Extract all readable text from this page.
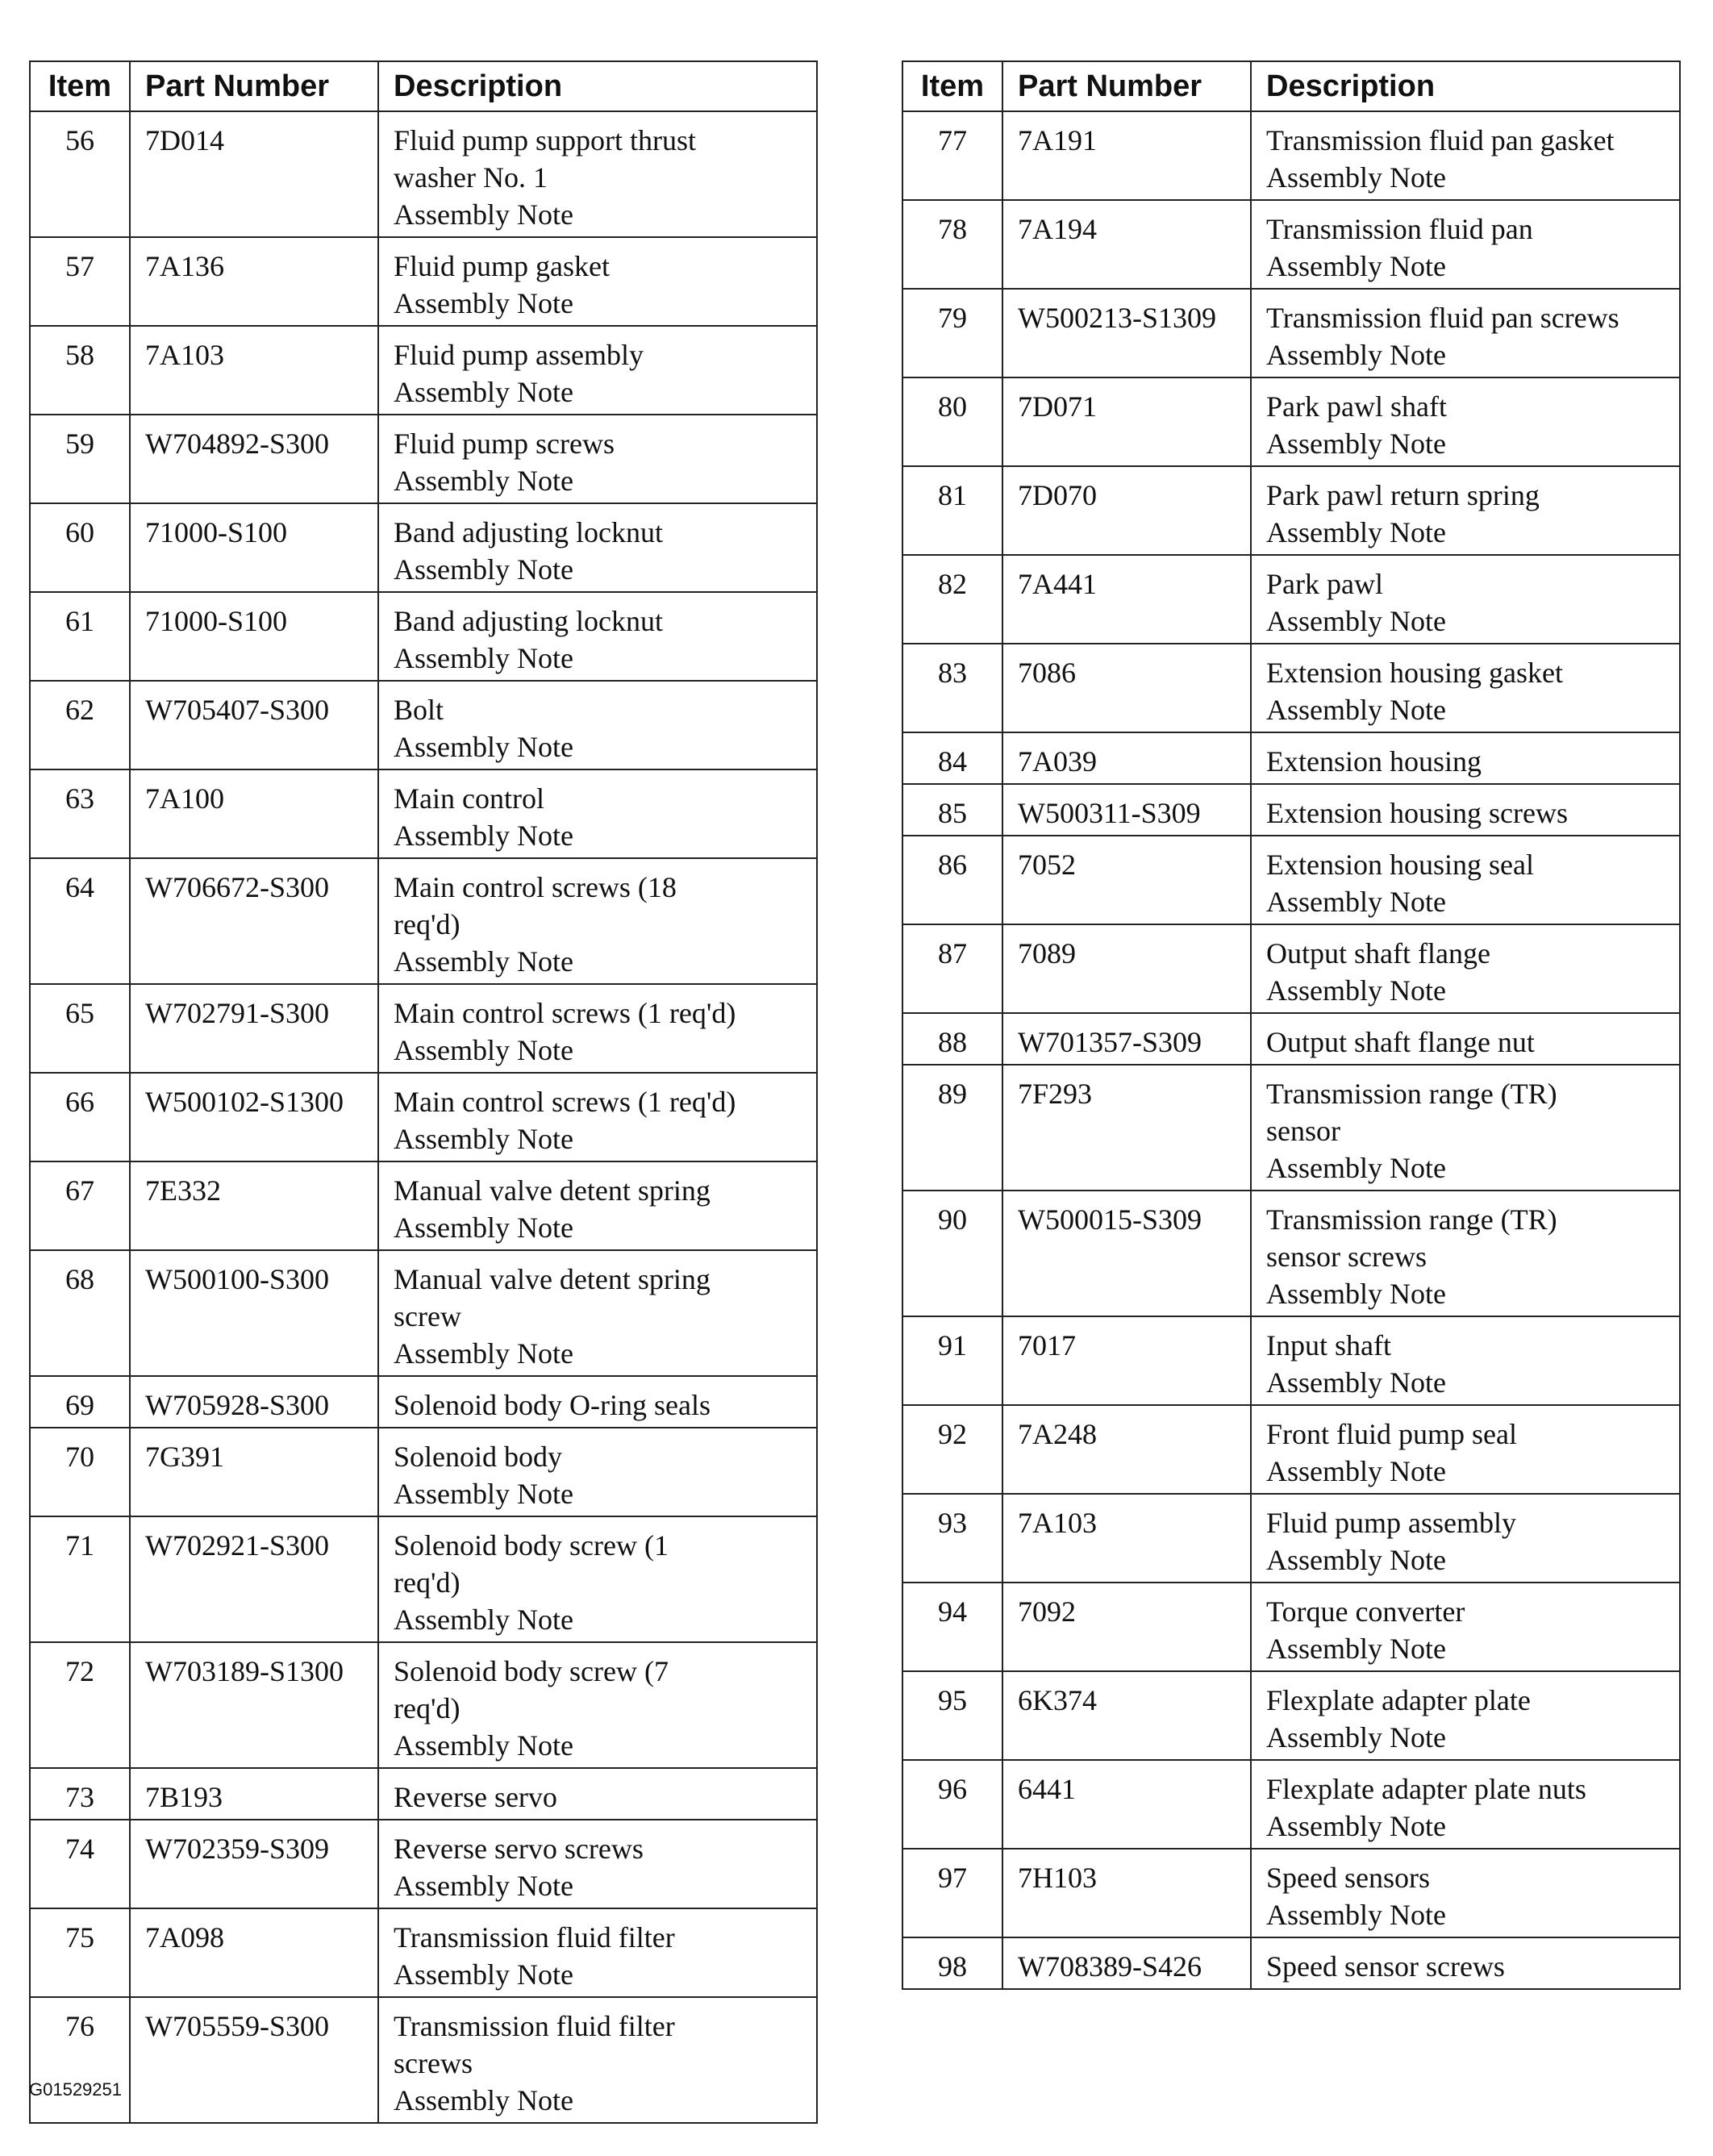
Item	Part Number	Description
56	7D014	Fluid pump support thrust
washer No. 1
Assembly Note

57	7A136	Fluid pump gasket
Assembly Note

58	7A103	Fluid pump assembly
Assembly Note

59	W704892-S300	Fluid pump screws
Assembly Note

60	71000-S100	Band adjusting locknut
Assembly Note

61	71000-S100	Band adjusting locknut
Assembly Note

62	W705407-S300	Bolt
Assembly Note

63	7A100	Main control
Assembly Note

64	W706672-S300	Main control screws (18
req'd)
Assembly Note

65	W702791-S300	Main control screws (1 req'd)
Assembly Note

66	W500102-S1300	Main control screws (1 req'd)
Assembly Note

67	7E332	Manual valve detent spring
Assembly Note

68	W500100-S300	Manual valve detent spring
screw
Assembly Note

69	W705928-S300	Solenoid body O-ring seals

70	7G391	Solenoid body
Assembly Note

71	W702921-S300	Solenoid body screw (1
req'd)
Assembly Note

72	W703189-S1300	Solenoid body screw (7
req'd)
Assembly Note

73	7B193	Reverse servo

74	W702359-S309	Reverse servo screws
Assembly Note

75	7A098	Transmission fluid filter
Assembly Note

76	W705559-S300	Transmission fluid filter
screws
Assembly Note
Item	Part Number	Description
77	7A191	Transmission fluid pan gasket
Assembly Note

78	7A194	Transmission fluid pan
Assembly Note

79	W500213-S1309	Transmission fluid pan screws
Assembly Note

80	7D071	Park pawl shaft
Assembly Note

81	7D070	Park pawl return spring
Assembly Note

82	7A441	Park pawl
Assembly Note

83	7086	Extension housing gasket
Assembly Note

84	7A039	Extension housing

85	W500311-S309	Extension housing screws

86	7052	Extension housing seal
Assembly Note

87	7089	Output shaft flange
Assembly Note

88	W701357-S309	Output shaft flange nut

89	7F293	Transmission range (TR)
sensor
Assembly Note

90	W500015-S309	Transmission range (TR)
sensor screws
Assembly Note

91	7017	Input shaft
Assembly Note

92	7A248	Front fluid pump seal
Assembly Note

93	7A103	Fluid pump assembly
Assembly Note

94	7092	Torque converter
Assembly Note

95	6K374	Flexplate adapter plate
Assembly Note

96	6441	Flexplate adapter plate nuts
Assembly Note

97	7H103	Speed sensors
Assembly Note

98	W708389-S426	Speed sensor screws
G01529251
